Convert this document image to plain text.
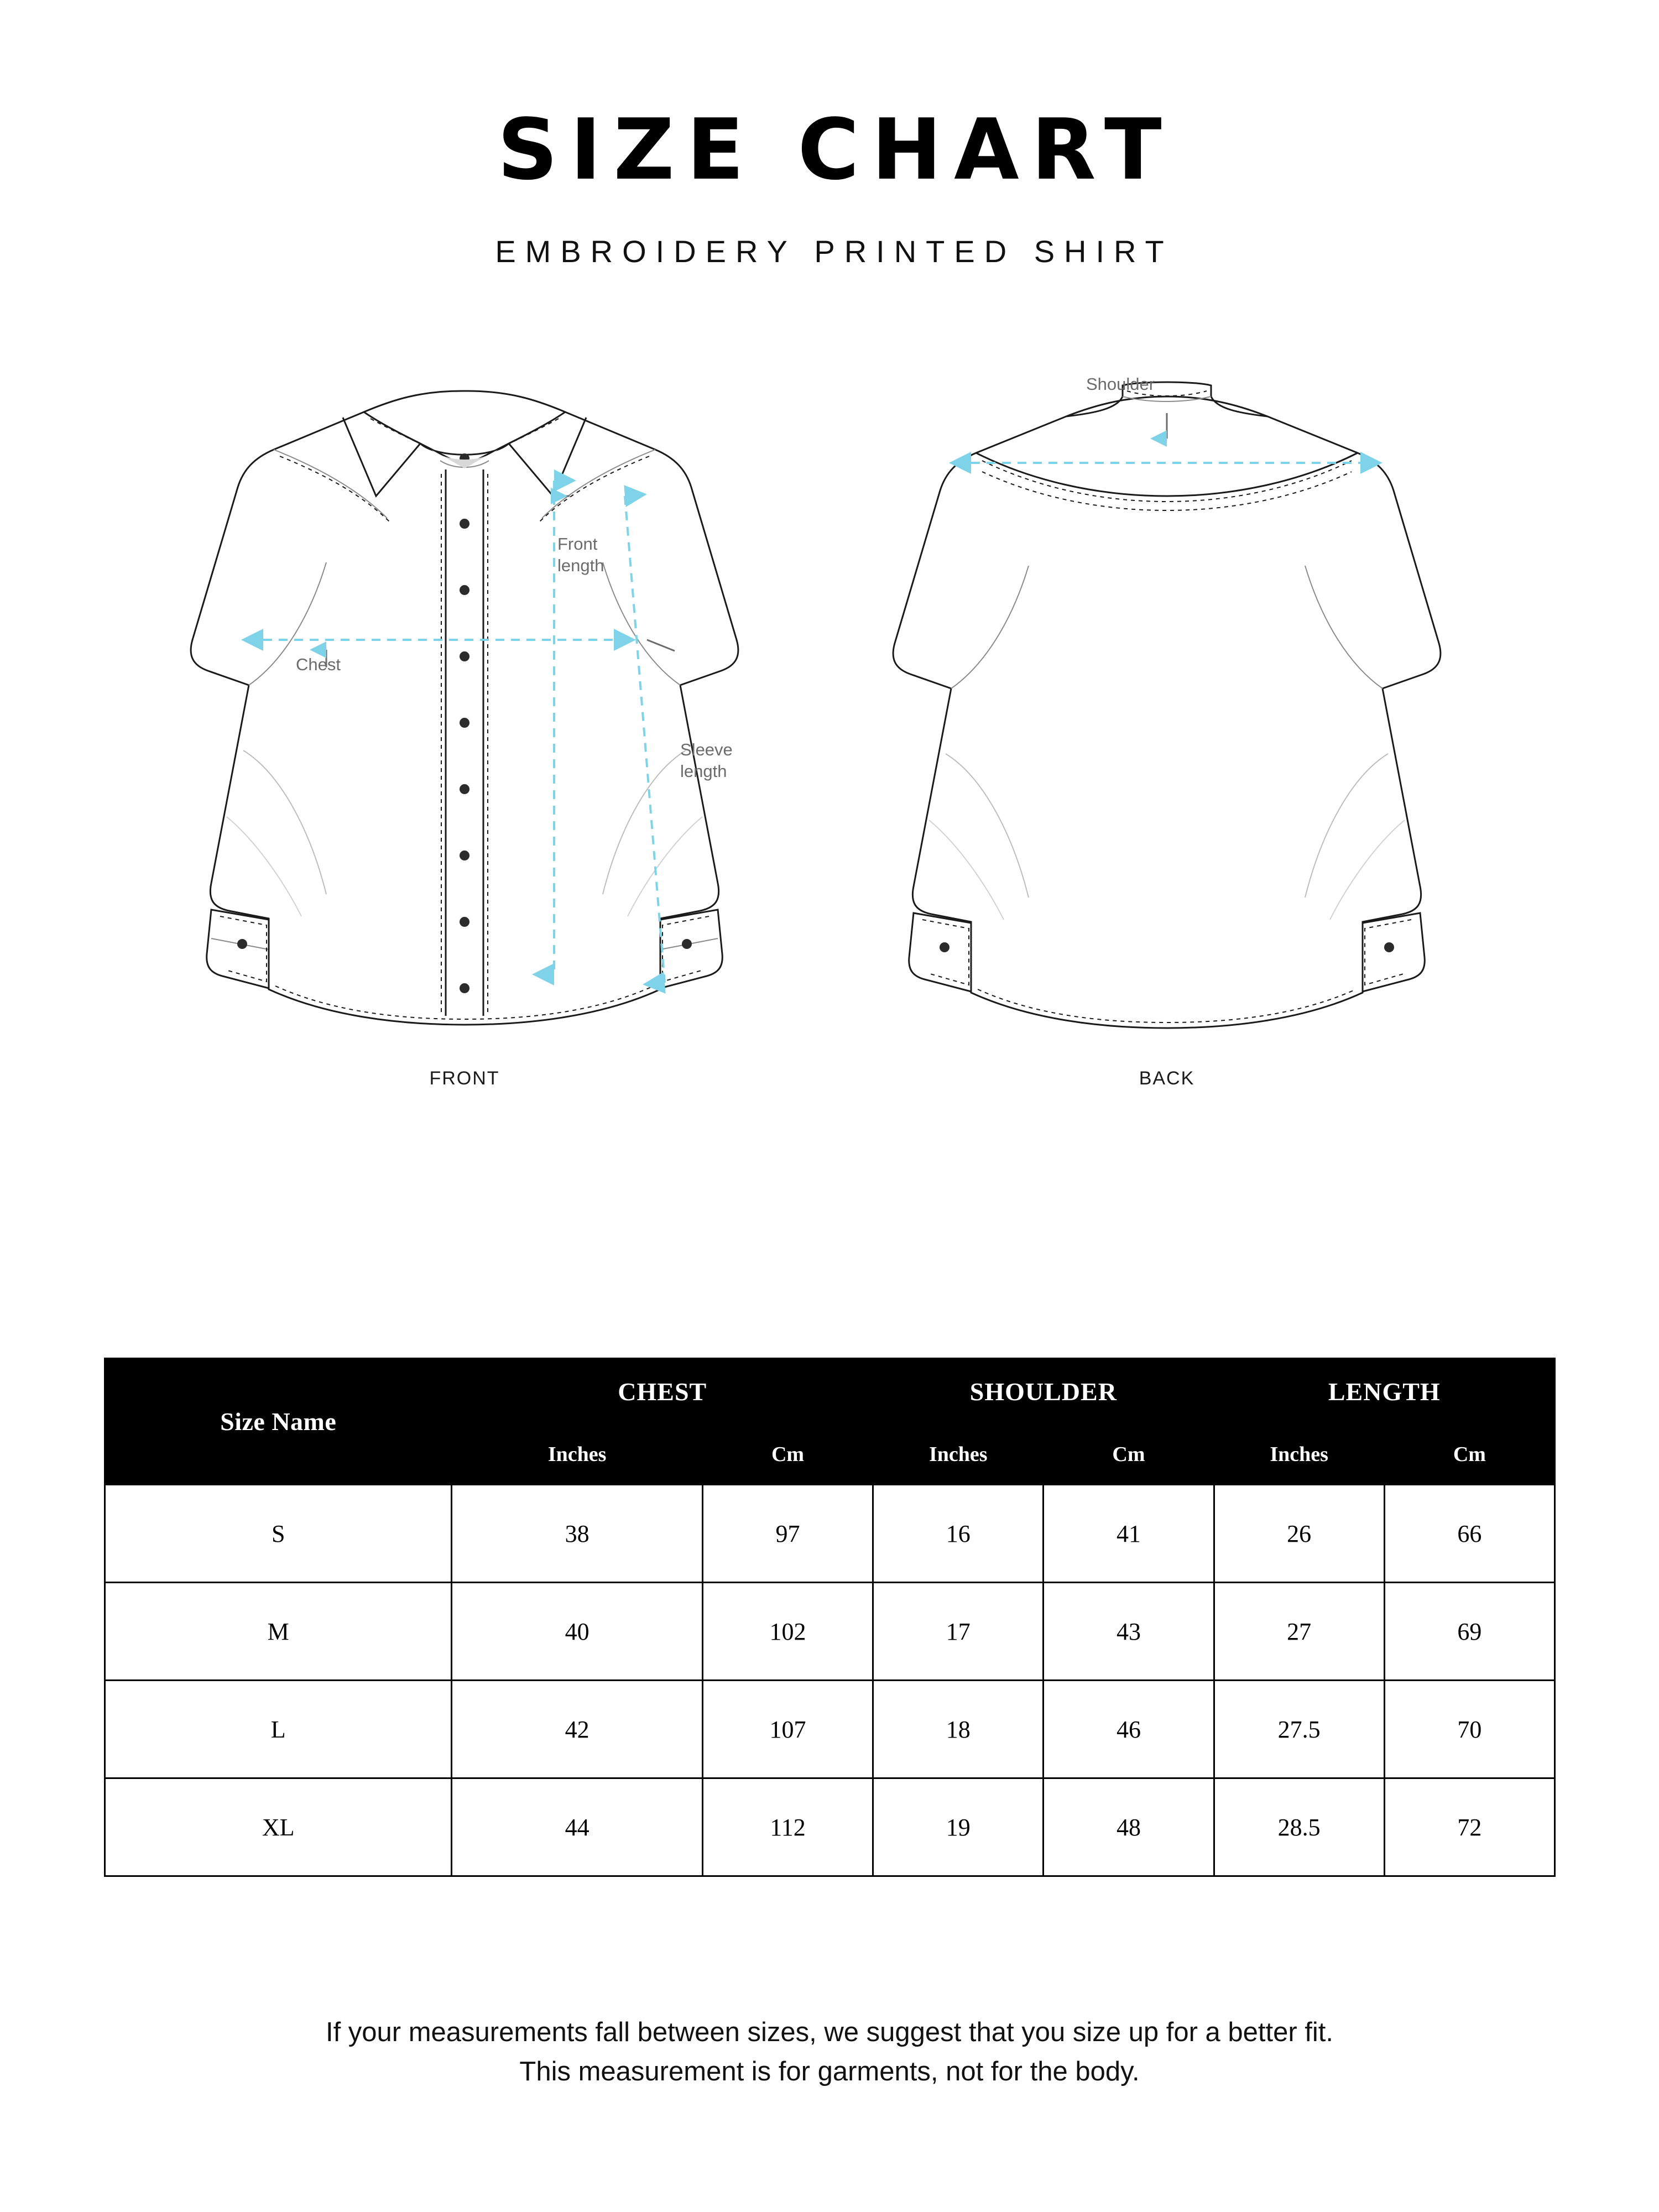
SIZE CHART
EMBROIDERY PRINTED SHIRT
Front
length
Chest
Sleeve
length
FRONT
Shoulder
BACK
Size Name	CHEST		SHOULDER		LENGTH	
	Inches	Cm	Inches	Cm	Inches	Cm
S	38	97	16	41	26	66
M	40	102	17	43	27	69
L	42	107	18	46	27.5	70
XL	44	112	19	48	28.5	72
If your measurements fall between sizes, we suggest that you size up for a better fit.
This measurement is for garments, not for the body.
